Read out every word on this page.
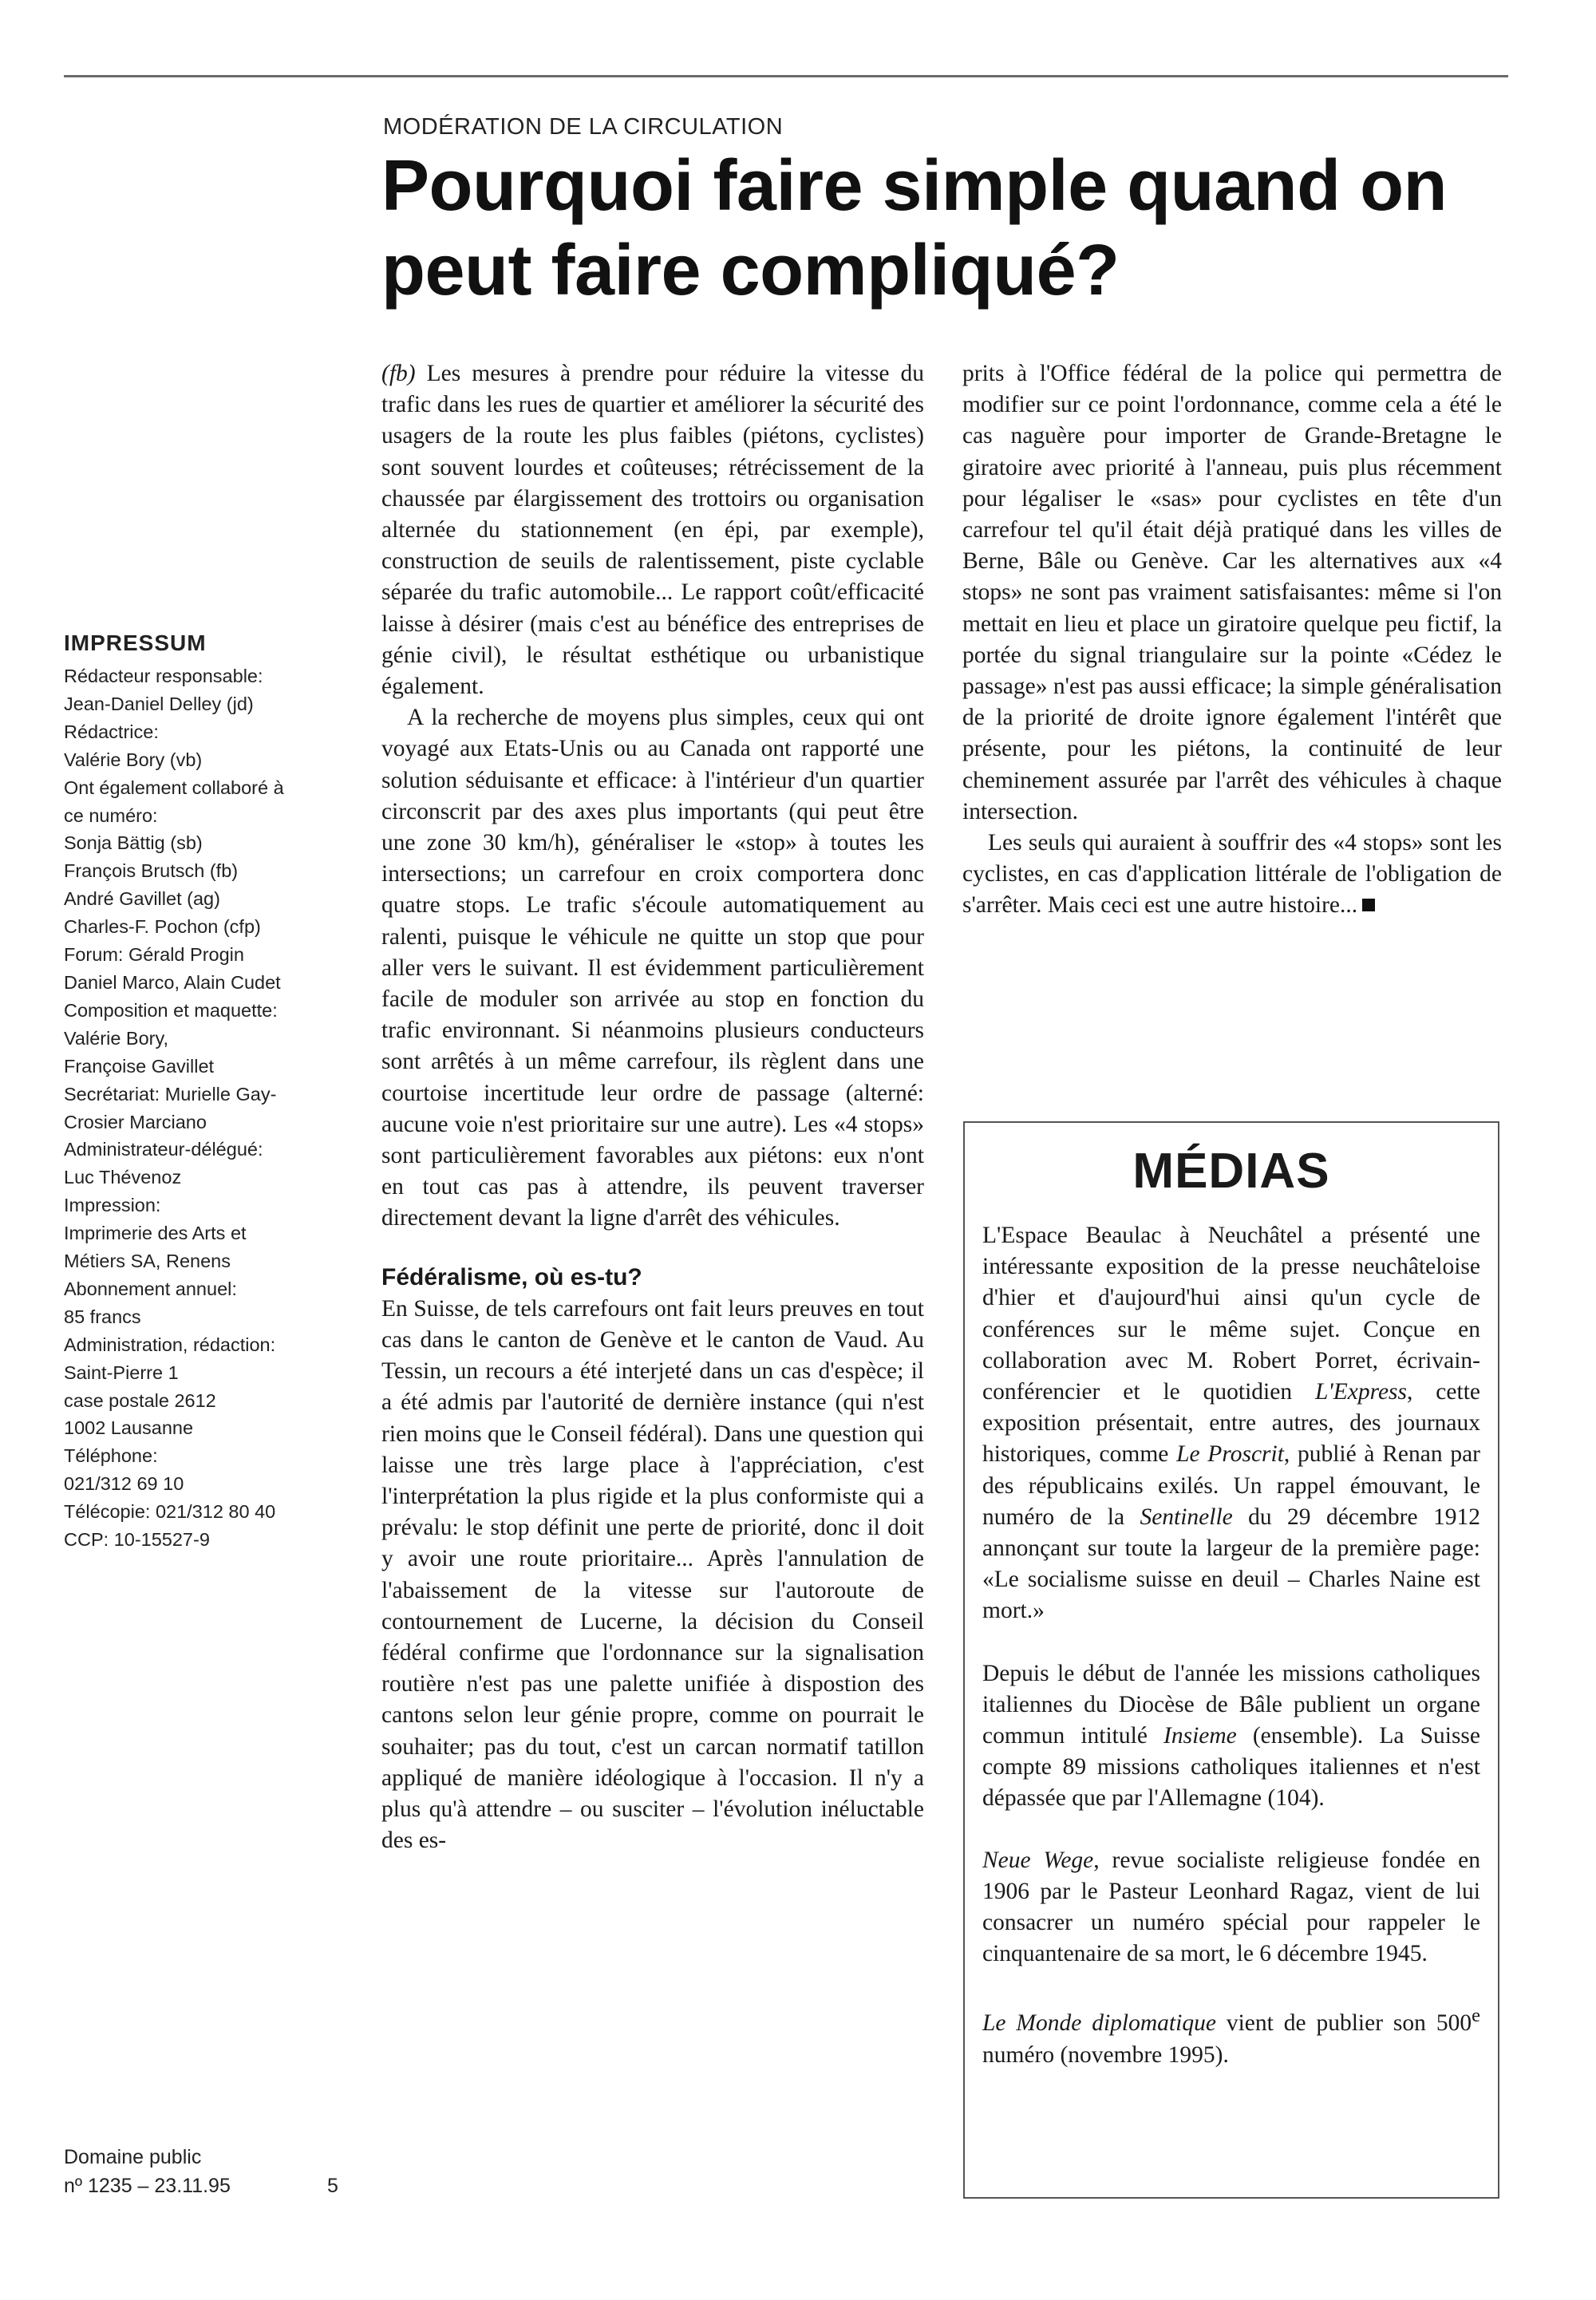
MODÉRATION DE LA CIRCULATION
Pourquoi faire simple quand on peut faire compliqué?
IMPRESSUM
Rédacteur responsable:
Jean-Daniel Delley (jd)
Rédactrice:
Valérie Bory (vb)
Ont également collaboré à
ce numéro:
Sonja Bättig (sb)
François Brutsch (fb)
André Gavillet (ag)
Charles-F. Pochon (cfp)
Forum: Gérald Progin
Daniel Marco, Alain Cudet
Composition et maquette:
Valérie Bory,
Françoise Gavillet
Secrétariat: Murielle Gay-
Crosier Marciano
Administrateur-délégué:
Luc Thévenoz
Impression:
Imprimerie des Arts et
Métiers SA, Renens
Abonnement annuel:
85 francs
Administration, rédaction:
Saint-Pierre 1
case postale 2612
1002 Lausanne
Téléphone:
021/312 69 10
Télécopie: 021/312 80 40
CCP: 10-15527-9
Domaine public
nº 1235 – 23.11.95	5

(fb) Les mesures à prendre pour réduire la vitesse du trafic dans les rues de quartier et améliorer la sécurité des usagers de la route les plus faibles (piétons, cyclistes) sont souvent lourdes et coûteuses; rétrécissement de la chaussée par élargissement des trottoirs ou organisation alternée du stationnement (en épi, par exemple), construction de seuils de ralentissement, piste cyclable séparée du trafic automobile... Le rapport coût/efficacité laisse à désirer (mais c'est au bénéfice des entreprises de génie civil), le résultat esthétique ou urbanistique également.

A la recherche de moyens plus simples, ceux qui ont voyagé aux Etats-Unis ou au Canada ont rapporté une solution séduisante et efficace: à l'intérieur d'un quartier circonscrit par des axes plus importants (qui peut être une zone 30 km/h), généraliser le «stop» à toutes les intersections; un carrefour en croix comportera donc quatre stops. Le trafic s'écoule automatiquement au ralenti, puisque le véhicule ne quitte un stop que pour aller vers le suivant. Il est évidemment particulièrement facile de moduler son arrivée au stop en fonction du trafic environnant. Si néanmoins plusieurs conducteurs sont arrêtés à un même carrefour, ils règlent dans une courtoise incertitude leur ordre de passage (alterné: aucune voie n'est prioritaire sur une autre). Les «4 stops» sont particulièrement favorables aux piétons: eux n'ont en tout cas pas à attendre, ils peuvent traverser directement devant la ligne d'arrêt des véhicules.

Fédéralisme, où es-tu?

En Suisse, de tels carrefours ont fait leurs preuves en tout cas dans le canton de Genève et le canton de Vaud. Au Tessin, un recours a été interjeté dans un cas d'espèce; il a été admis par l'autorité de dernière instance (qui n'est rien moins que le Conseil fédéral). Dans une question qui laisse une très large place à l'appréciation, c'est l'interprétation la plus rigide et la plus conformiste qui a prévalu: le stop définit une perte de priorité, donc il doit y avoir une route prioritaire... Après l'annulation de l'abaissement de la vitesse sur l'autoroute de contournement de Lucerne, la décision du Conseil fédéral confirme que l'ordonnance sur la signalisation routière n'est pas une palette unifiée à dispostion des cantons selon leur génie propre, comme on pourrait le souhaiter; pas du tout, c'est un carcan normatif tatillon appliqué de manière idéologique à l'occasion. Il n'y a plus qu'à attendre – ou susciter – l'évolution inéluctable des es-

prits à l'Office fédéral de la police qui permettra de modifier sur ce point l'ordonnance, comme cela a été le cas naguère pour importer de Grande-Bretagne le giratoire avec priorité à l'anneau, puis plus récemment pour légaliser le «sas» pour cyclistes en tête d'un carrefour tel qu'il était déjà pratiqué dans les villes de Berne, Bâle ou Genève. Car les alternatives aux «4 stops» ne sont pas vraiment satisfaisantes: même si l'on mettait en lieu et place un giratoire quelque peu fictif, la portée du signal triangulaire sur la pointe «Cédez le passage» n'est pas aussi efficace; la simple généralisation de la priorité de droite ignore également l'intérêt que présente, pour les piétons, la continuité de leur cheminement assurée par l'arrêt des véhicules à chaque intersection.

Les seuls qui auraient à souffrir des «4 stops» sont les cyclistes, en cas d'application littérale de l'obligation de s'arrêter. Mais ceci est une autre histoire...

MÉDIAS

L'Espace Beaulac à Neuchâtel a présenté une intéressante exposition de la presse neuchâteloise d'hier et d'aujourd'hui ainsi qu'un cycle de conférences sur le même sujet. Conçue en collaboration avec M. Robert Porret, écrivain-conférencier et le quotidien L'Express, cette exposition présentait, entre autres, des journaux historiques, comme Le Proscrit, publié à Renan par des républicains exilés. Un rappel émouvant, le numéro de la Sentinelle du 29 décembre 1912 annonçant sur toute la largeur de la première page: «Le socialisme suisse en deuil – Charles Naine est mort.»

Depuis le début de l'année les missions catholiques italiennes du Diocèse de Bâle publient un organe commun intitulé Insieme (ensemble). La Suisse compte 89 missions catholiques italiennes et n'est dépassée que par l'Allemagne (104).

Neue Wege, revue socialiste religieuse fondée en 1906 par le Pasteur Leonhard Ragaz, vient de lui consacrer un numéro spécial pour rappeler le cinquantenaire de sa mort, le 6 décembre 1945.

Le Monde diplomatique vient de publier son 500e numéro (novembre 1995).
